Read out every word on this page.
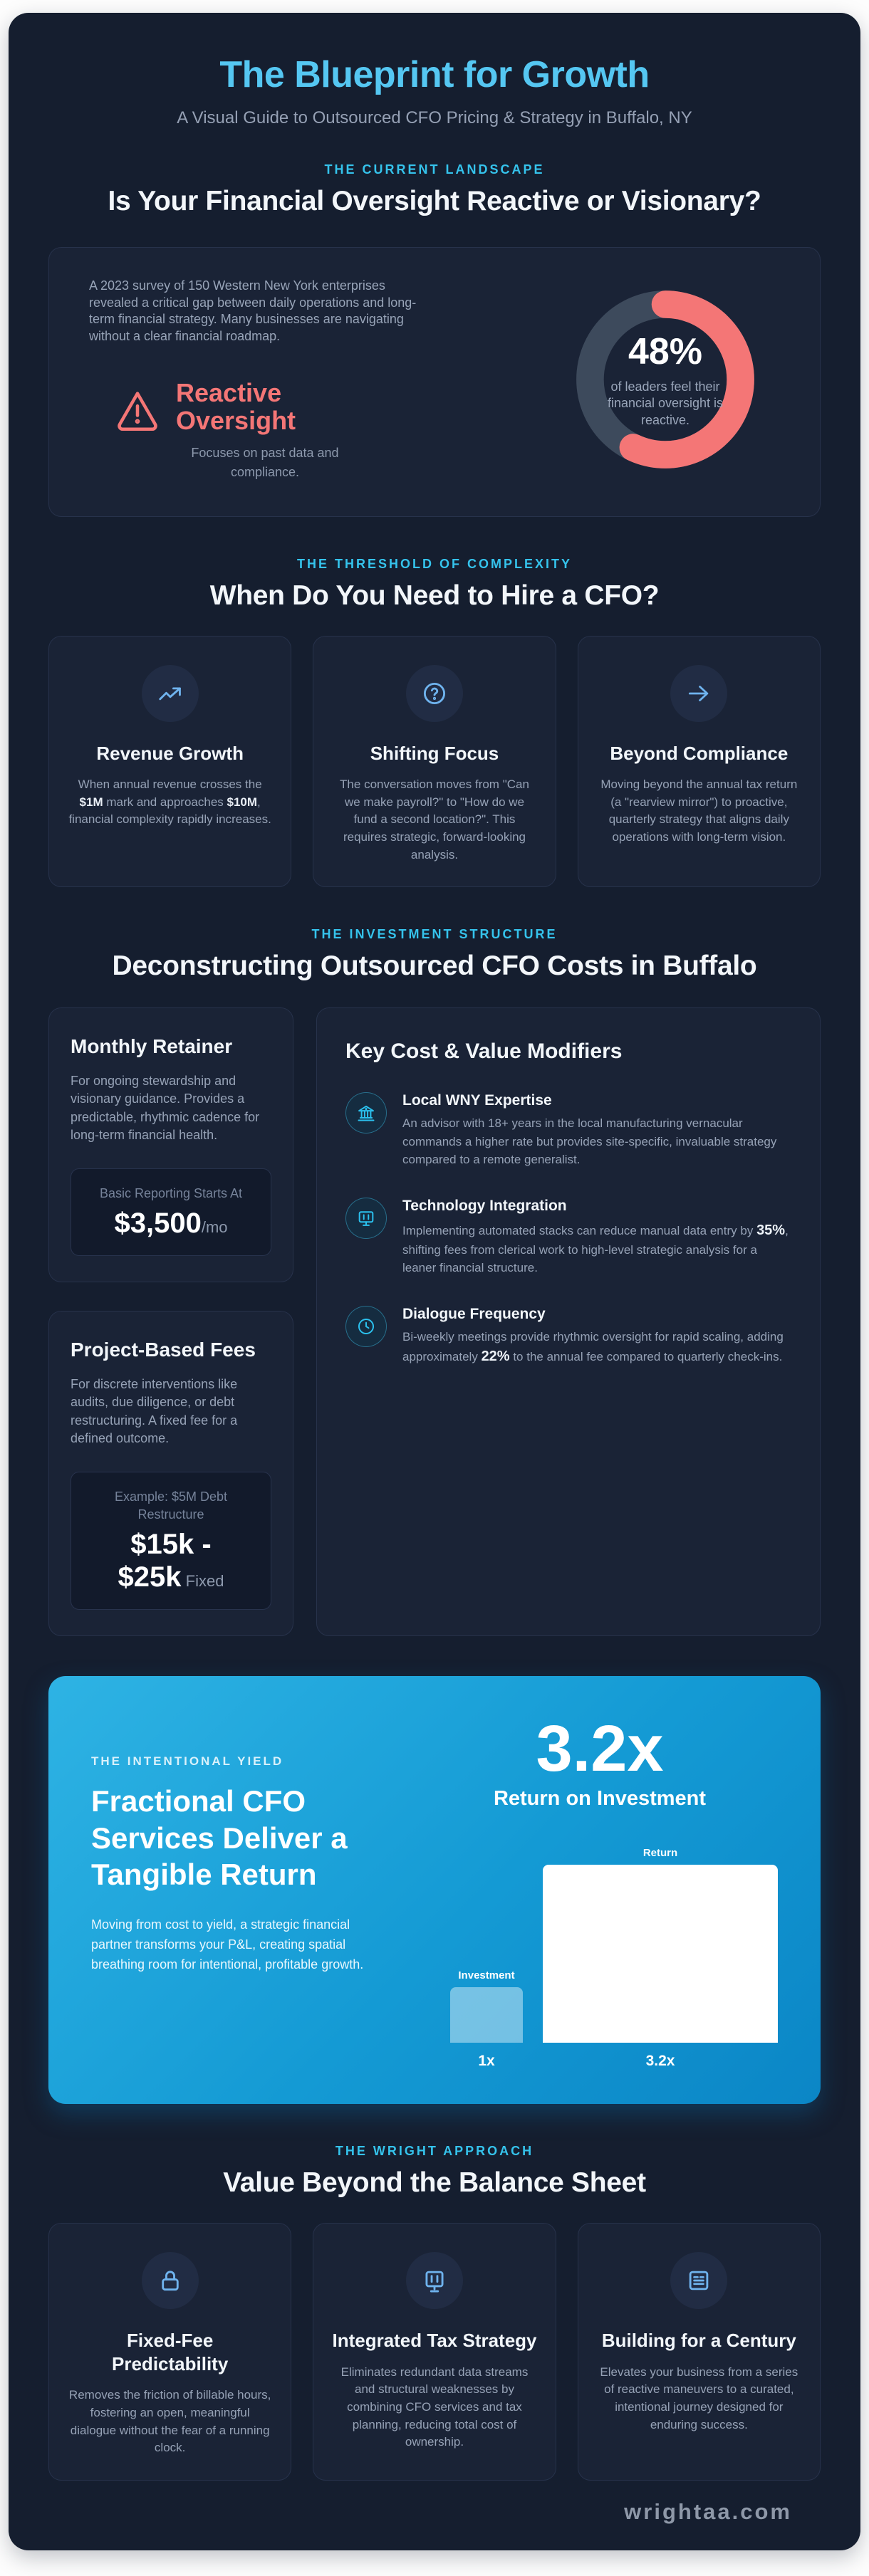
The Blueprint for Growth
A Visual Guide to Outsourced CFO Pricing & Strategy in Buffalo, NY
THE CURRENT LANDSCAPE
Is Your Financial Oversight Reactive or Visionary?

A 2023 survey of 150 Western New York enterprises revealed a critical gap between daily operations and long-term financial strategy. Many businesses are navigating without a clear financial roadmap.

Reactive
Oversight
Focuses on past data and compliance.
48%
of leaders feel their financial oversight is reactive.
THE THRESHOLD OF COMPLEXITY
When Do You Need to Hire a CFO?
Revenue Growth

When annual revenue crosses the $1M mark and approaches $10M, financial complexity rapidly increases.

Shifting Focus

The conversation moves from "Can we make payroll?" to "How do we fund a second location?". This requires strategic, forward-looking analysis.

Beyond Compliance

Moving beyond the annual tax return (a "rearview mirror") to proactive, quarterly strategy that aligns daily operations with long-term vision.

THE INVESTMENT STRUCTURE
Deconstructing Outsourced CFO Costs in Buffalo
Monthly Retainer

For ongoing stewardship and visionary guidance. Provides a predictable, rhythmic cadence for long-term financial health.

Basic Reporting Starts At
$3,500/mo
Project-Based Fees

For discrete interventions like audits, due diligence, or debt restructuring. A fixed fee for a defined outcome.

Example: $5M Debt Restructure
$15k - $25k Fixed
Key Cost & Value Modifiers
Local WNY Expertise

An advisor with 18+ years in the local manufacturing vernacular commands a higher rate but provides site-specific, invaluable strategy compared to a remote generalist.

Technology Integration

Implementing automated stacks can reduce manual data entry by 35%, shifting fees from clerical work to high-level strategic analysis for a leaner financial structure.

Dialogue Frequency

Bi-weekly meetings provide rhythmic oversight for rapid scaling, adding approximately 22% to the annual fee compared to quarterly check-ins.

THE INTENTIONAL YIELD
Fractional CFO Services Deliver a Tangible Return

Moving from cost to yield, a strategic financial partner transforms your P&L, creating spatial breathing room for intentional, profitable growth.

3.2x
Return on Investment
Investment
1x
Return
3.2x
THE WRIGHT APPROACH
Value Beyond the Balance Sheet
Fixed-Fee Predictability

Removes the friction of billable hours, fostering an open, meaningful dialogue without the fear of a running clock.

Integrated Tax Strategy

Eliminates redundant data streams and structural weaknesses by combining CFO services and tax planning, reducing total cost of ownership.

Building for a Century

Elevates your business from a series of reactive maneuvers to a curated, intentional journey designed for enduring success.

wrightaa.com
